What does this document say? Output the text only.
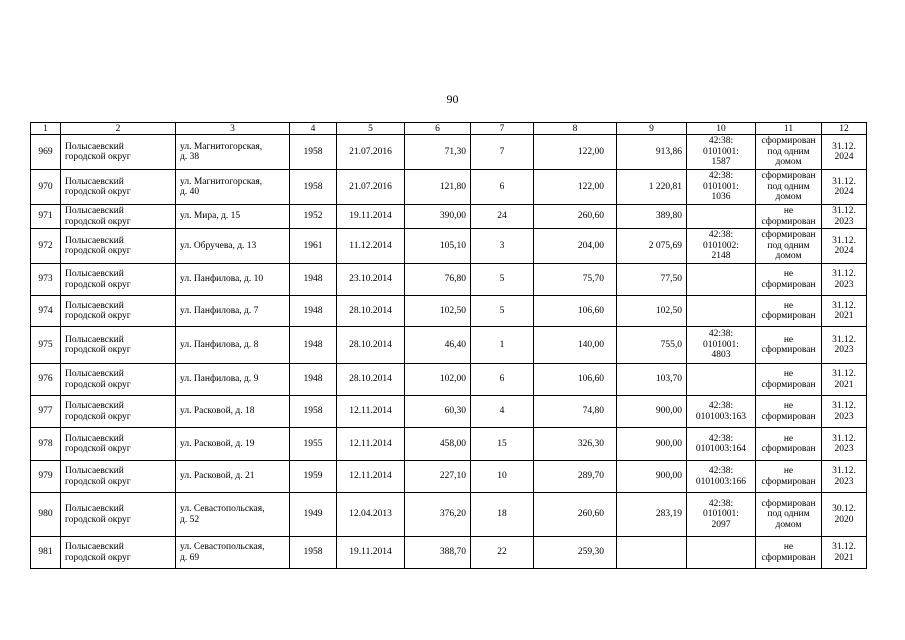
90
1	2	3	4	5	6	7	8	9	10	11	12
969	Полысаевский
городской округ	ул. Магнитогорская,
д. 38	1958	21.07.2016	71,30	7	122,00	913,86	42:38:
0101001:
1587	сформирован
под одним
домом	31.12.
2024
970	Полысаевский
городской округ	ул. Магнитогорская,
д. 40	1958	21.07.2016	121,80	6	122,00	1 220,81	42:38:
0101001:
1036	сформирован
под одним
домом	31.12.
2024
971	Полысаевский
городской округ	ул. Мира, д. 15	1952	19.11.2014	390,00	24	260,60	389,80		не
сформирован	31.12.
2023
972	Полысаевский
городской округ	ул. Обручева, д. 13	1961	11.12.2014	105,10	3	204,00	2 075,69	42:38:
0101002:
2148	сформирован
под одним
домом	31.12.
2024
973	Полысаевский
городской округ	ул. Панфилова, д. 10	1948	23.10.2014	76,80	5	75,70	77,50		не
сформирован	31.12.
2023
974	Полысаевский
городской округ	ул. Панфилова, д. 7	1948	28.10.2014	102,50	5	106,60	102,50		не
сформирован	31.12.
2021
975	Полысаевский
городской округ	ул. Панфилова, д. 8	1948	28.10.2014	46,40	1	140,00	755,0	42:38:
0101001:
4803	не
сформирован	31.12.
2023
976	Полысаевский
городской округ	ул. Панфилова, д. 9	1948	28.10.2014	102,00	6	106,60	103,70		не
сформирован	31.12.
2021
977	Полысаевский
городской округ	ул. Расковой, д. 18	1958	12.11.2014	60,30	4	74,80	900,00	42:38:
0101003:163	не
сформирован	31.12.
2023
978	Полысаевский
городской округ	ул. Расковой, д. 19	1955	12.11.2014	458,00	15	326,30	900,00	42:38:
0101003:164	не
сформирован	31.12.
2023
979	Полысаевский
городской округ	ул. Расковой, д. 21	1959	12.11.2014	227,10	10	289,70	900,00	42:38:
0101003:166	не
сформирован	31.12.
2023
980	Полысаевский
городской округ	ул. Севастопольская,
д. 52	1949	12.04.2013	376,20	18	260,60	283,19	42:38:
0101001:
2097	сформирован
под одним
домом	30.12.
2020
981	Полысаевский
городской округ	ул. Севастопольская,
д. 69	1958	19.11.2014	388,70	22	259,30			не
сформирован	31.12.
2021
